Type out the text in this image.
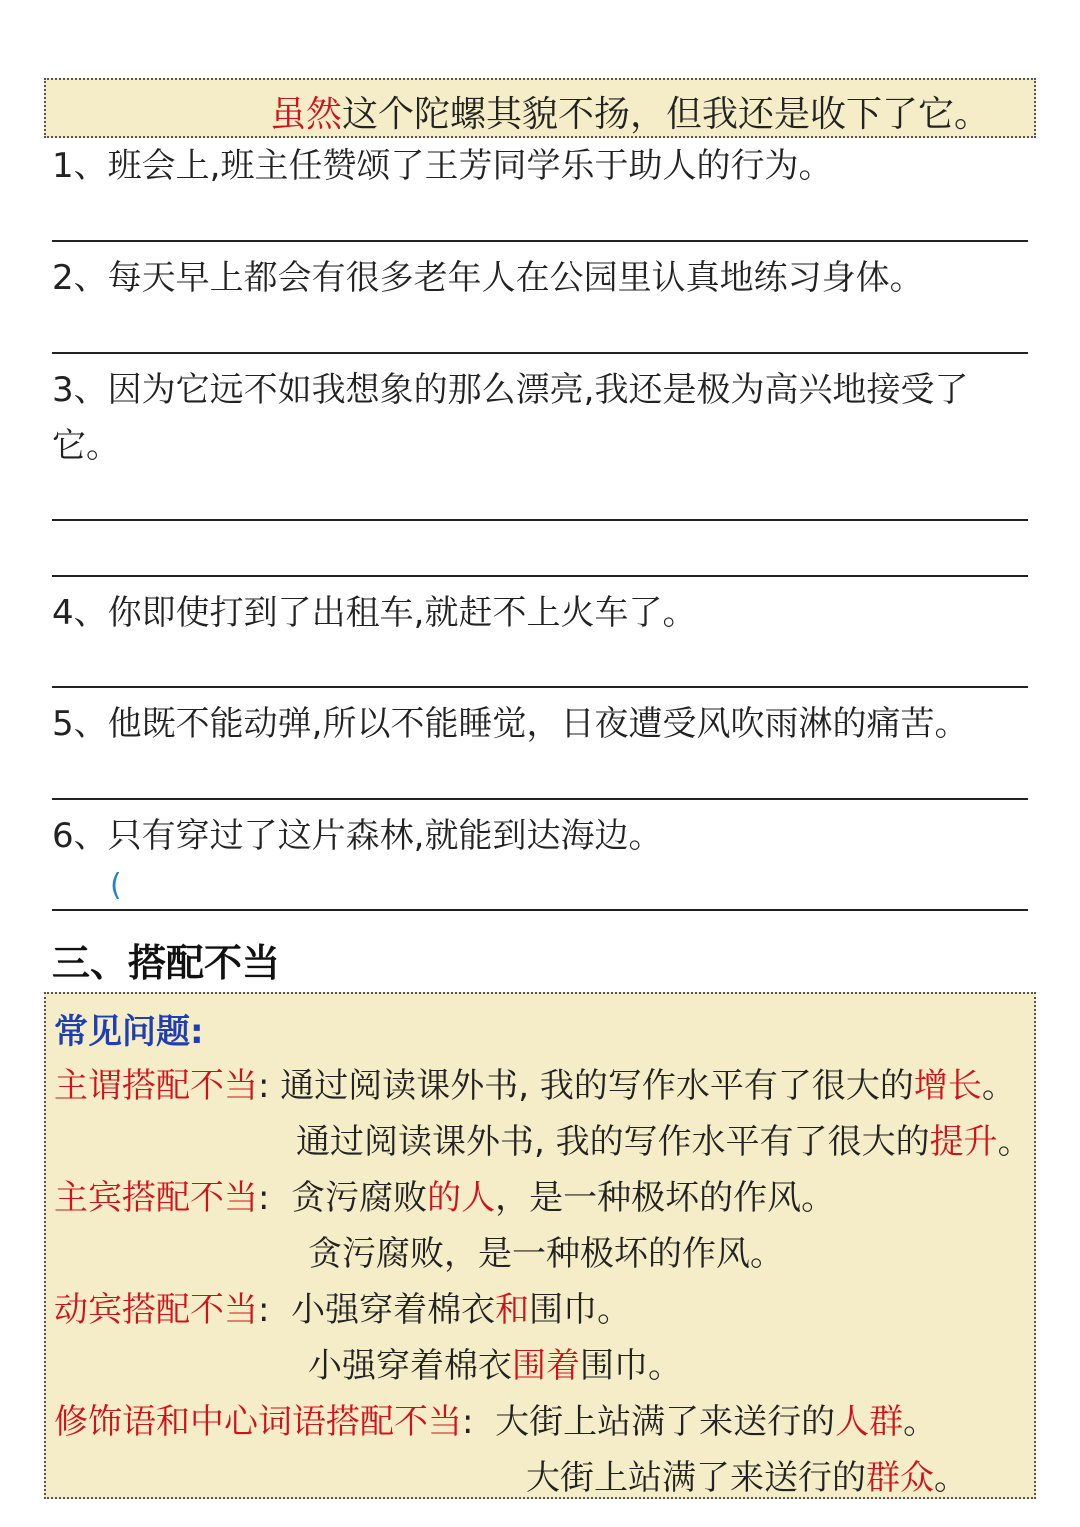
虽然这个陀螺其貌不扬，但我还是收下了它。
1、班会上,班主任赞颂了王芳同学乐于助人的行为。
2、每天早上都会有很多老年人在公园里认真地练习身体。
3、因为它远不如我想象的那么漂亮,我还是极为高兴地接受了它。
4、你即使打到了出租车,就赶不上火车了。
5、他既不能动弹,所以不能睡觉，日夜遭受风吹雨淋的痛苦。
6、只有穿过了这片森林,就能到达海边。
(
三、搭配不当
常见问题:
主谓搭配不当: 通过阅读课外书, 我的写作水平有了很大的增长。
通过阅读课外书, 我的写作水平有了很大的提升。
主宾搭配不当: 贪污腐败的人，是一种极坏的作风。
贪污腐败，是一种极坏的作风。
动宾搭配不当: 小强穿着棉衣和围巾。
小强穿着棉衣围着围巾。
修饰语和中心词语搭配不当: 大街上站满了来送行的人群。
大街上站满了来送行的群众。
